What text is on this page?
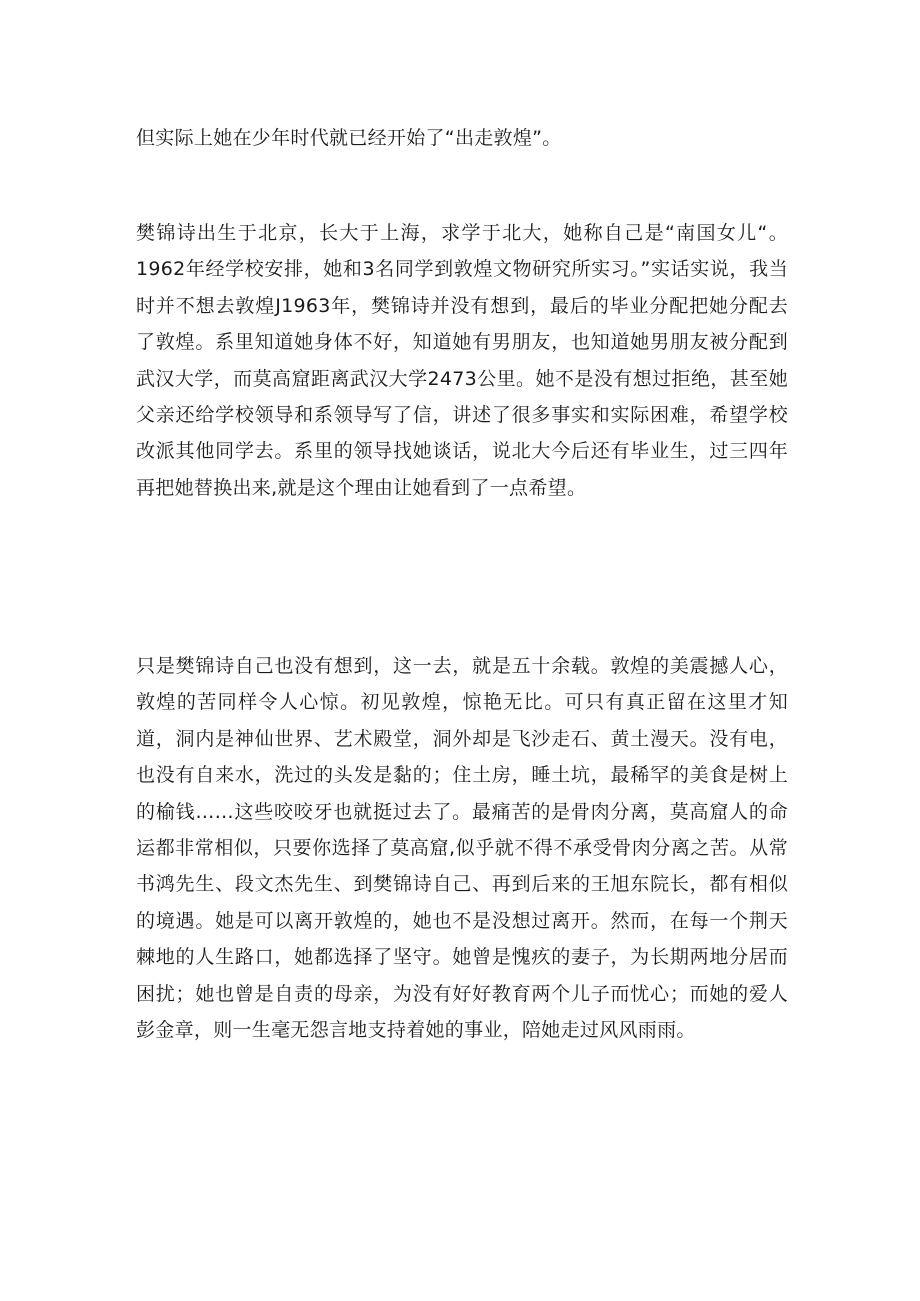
但实际上她在少年时代就已经开始了“出走敦煌”。

樊锦诗出生于北京，长大于上海，求学于北大，她称自己是“南国女儿“。1962年经学校安排，她和3名同学到敦煌文物研究所实习。”实话实说，我当时并不想去敦煌J1963年，樊锦诗并没有想到，最后的毕业分配把她分配去了敦煌。系里知道她身体不好，知道她有男朋友，也知道她男朋友被分配到武汉大学，而莫高窟距离武汉大学2473公里。她不是没有想过拒绝，甚至她父亲还给学校领导和系领导写了信，讲述了很多事实和实际困难，希望学校改派其他同学去。系里的领导找她谈话，说北大今后还有毕业生，过三四年再把她替换出来,就是这个理由让她看到了一点希望。

只是樊锦诗自己也没有想到，这一去，就是五十余载。敦煌的美震撼人心，敦煌的苦同样令人心惊。初见敦煌，惊艳无比。可只有真正留在这里才知道，洞内是神仙世界、艺术殿堂，洞外却是飞沙走石、黄土漫天。没有电，也没有自来水，洗过的头发是黏的；住土房，睡土坑，最稀罕的美食是树上的榆钱……这些咬咬牙也就挺过去了。最痛苦的是骨肉分离，莫高窟人的命运都非常相似，只要你选择了莫高窟,似乎就不得不承受骨肉分离之苦。从常书鸿先生、段文杰先生、到樊锦诗自己、再到后来的王旭东院长，都有相似的境遇。她是可以离开敦煌的，她也不是没想过离开。然而，在每一个荆天棘地的人生路口，她都选择了坚守。她曾是愧疚的妻子，为长期两地分居而困扰；她也曾是自责的母亲，为没有好好教育两个儿子而忧心；而她的爱人彭金章，则一生毫无怨言地支持着她的事业，陪她走过风风雨雨。
